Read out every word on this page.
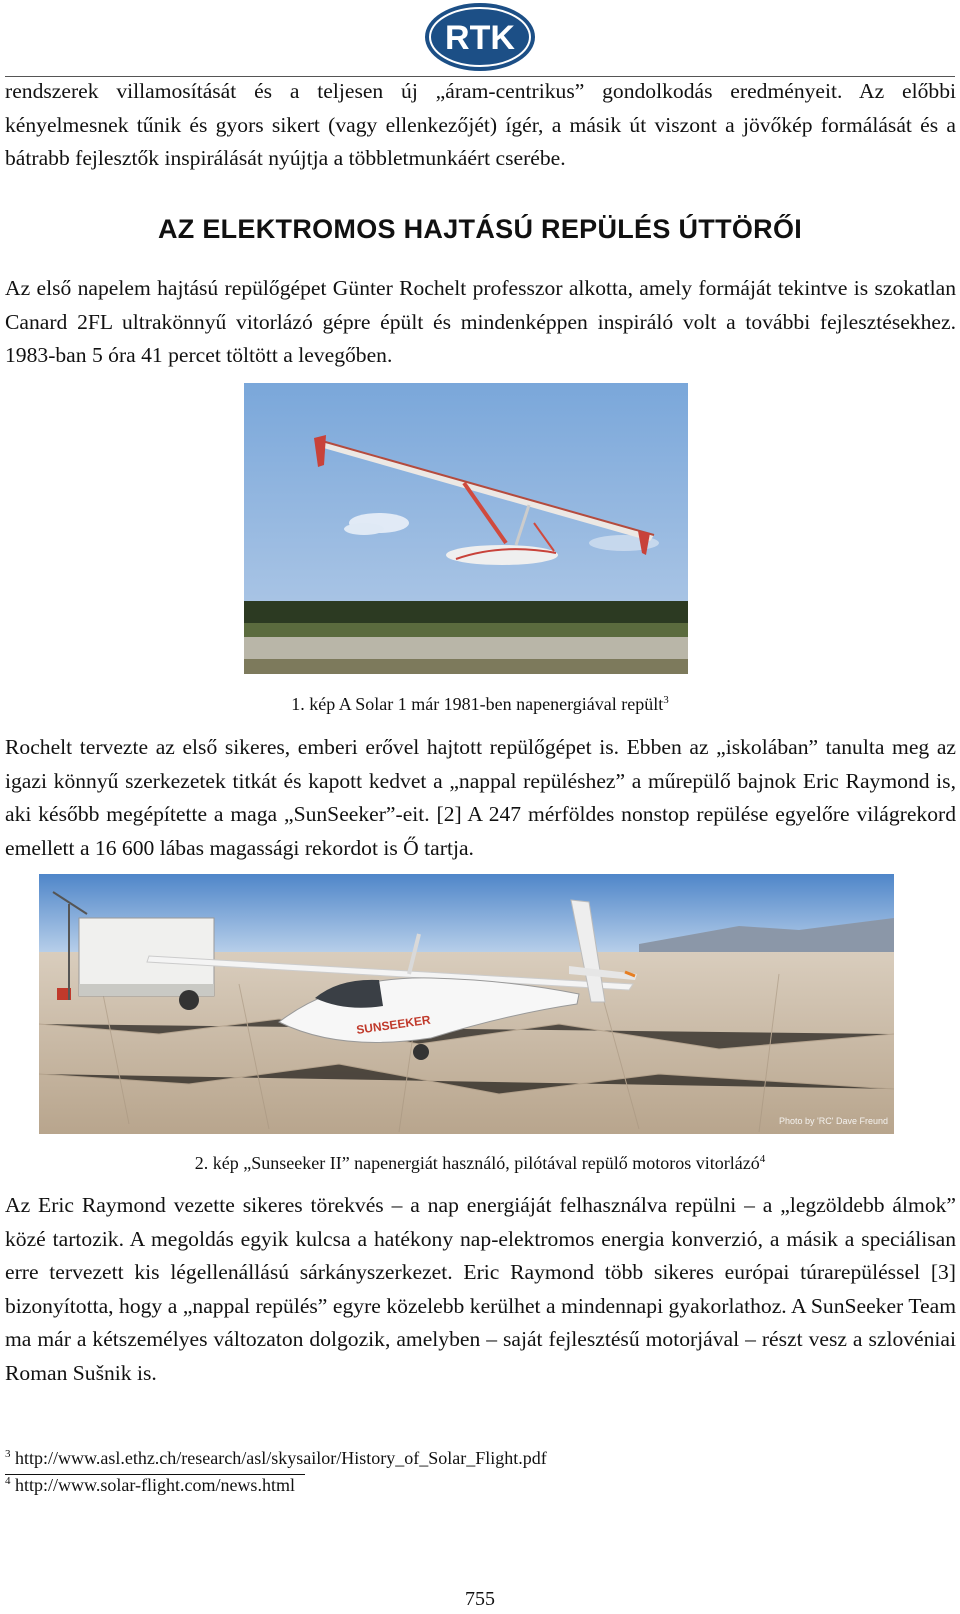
RTK

rendszerek villamosítását és a teljesen új „áram-centrikus” gondolkodás eredményeit. Az előbbi kényelmesnek tűnik és gyors sikert (vagy ellenkezőjét) ígér, a másik út viszont a jövőkép formálását és a bátrabb fejlesztők inspirálását nyújtja a többletmunkáért cserébe.

AZ ELEKTROMOS HAJTÁSÚ REPÜLÉS ÚTTÖRŐI

Az első napelem hajtású repülőgépet Günter Rochelt professzor alkotta, amely formáját tekintve is szokatlan Canard 2FL ultrakönnyű vitorlázó gépre épült és mindenképpen inspiráló volt a további fejlesztésekhez. 1983-ban 5 óra 41 percet töltött a levegőben.

1. kép A Solar 1 már 1981-ben napenergiával repült$^3$

Rochelt tervezte az első sikeres, emberi erővel hajtott repülőgépet is. Ebben az „iskolában” tanulta meg az igazi könnyű szerkezetek titkát és kapott kedvet a „nappal repüléshez” a műrepülő bajnok Eric Raymond is, aki később megépítette a maga „SunSeeker”-eit. [2] A 247 mérföldes nonstop repülése egyelőre világrekord emellett a 16 600 lábas magassági rekordot is Ő tartja.

SUNSEEKER
Photo by 'RC' Dave Freund

2. kép „Sunseeker II” napenergiát használó, pilótával repülő motoros vitorlázó$^4$

Az Eric Raymond vezette sikeres törekvés – a nap energiáját felhasználva repülni – a „legzöldebb álmok” közé tartozik. A megoldás egyik kulcsa a hatékony nap-elektromos energia konverzió, a másik a speciálisan erre tervezett kis légellenállású sárkányszerkezet. Eric Raymond több sikeres európai túrarepüléssel [3] bizonyította, hogy a „nappal repülés” egyre közelebb kerülhet a mindennapi gyakorlathoz. A SunSeeker Team ma már a kétszemélyes változaton dolgozik, amelyben – saját fejlesztésű motorjával – részt vesz a szlovéniai Roman Sušnik is.

$^3$ http://www.asl.ethz.ch/research/asl/skysailor/History_of_Solar_Flight.pdf

$^4$ http://www.solar-flight.com/news.html

755
